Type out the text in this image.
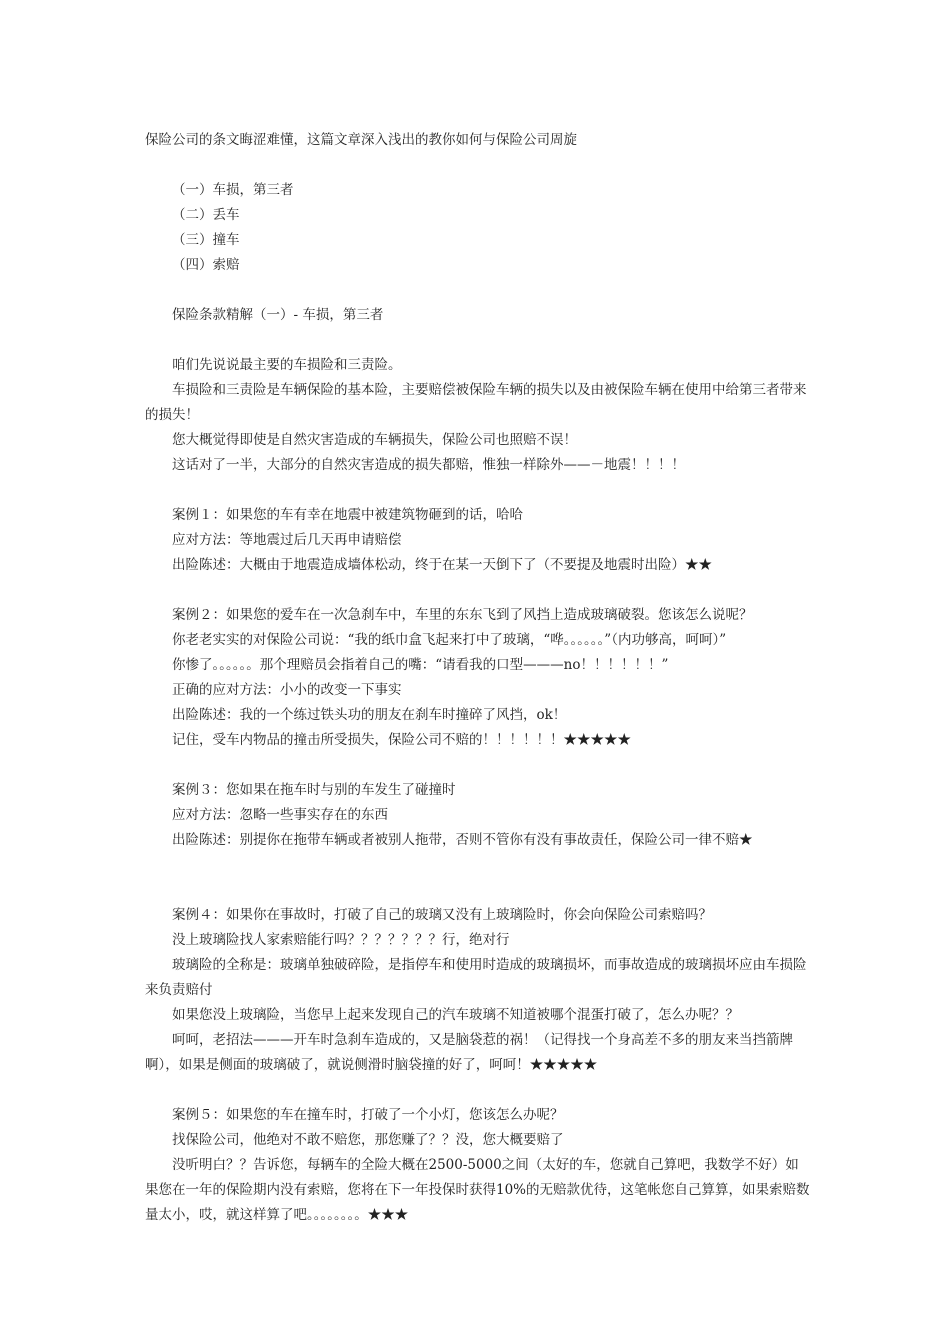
保险公司的条文晦涩难懂，这篇文章深入浅出的教你如何与保险公司周旋

（一）车损，第三者

（二）丢车

（三）撞车

（四）索赔

保险条款精解（一）- 车损，第三者

咱们先说说最主要的车损险和三责险。

车损险和三责险是车辆保险的基本险，主要赔偿被保险车辆的损失以及由被保险车辆在使用中给第三者带来的损失！

您大概觉得即使是自然灾害造成的车辆损失，保险公司也照赔不误！

这话对了一半，大部分的自然灾害造成的损失都赔，惟独一样除外——－地震！！！！

案例１：如果您的车有幸在地震中被建筑物砸到的话，哈哈

应对方法：等地震过后几天再申请赔偿

出险陈述：大概由于地震造成墙体松动，终于在某一天倒下了（不要提及地震时出险）★★

案例２：如果您的爱车在一次急刹车中，车里的东东飞到了风挡上造成玻璃破裂。您该怎么说呢？

你老老实实的对保险公司说：“我的纸巾盒飞起来打中了玻璃，“哗。。。。。。”（内功够高，呵呵）”

你惨了。。。。。。那个理赔员会指着自己的嘴：“请看我的口型———no！！！！！！”

正确的应对方法：小小的改变一下事实

出险陈述：我的一个练过铁头功的朋友在刹车时撞碎了风挡，ok！

记住，受车内物品的撞击所受损失，保险公司不赔的！！！！！！★★★★★

案例３：您如果在拖车时与别的车发生了碰撞时

应对方法：忽略一些事实存在的东西

出险陈述：别提你在拖带车辆或者被别人拖带，否则不管你有没有事故责任，保险公司一律不赔★

案例４：如果你在事故时，打破了自己的玻璃又没有上玻璃险时，你会向保险公司索赔吗？

没上玻璃险找人家索赔能行吗？？？？？？？行，绝对行

玻璃险的全称是：玻璃单独破碎险，是指停车和使用时造成的玻璃损坏，而事故造成的玻璃损坏应由车损险来负责赔付

如果您没上玻璃险，当您早上起来发现自己的汽车玻璃不知道被哪个混蛋打破了，怎么办呢？？

呵呵，老招法———开车时急刹车造成的，又是脑袋惹的祸！（记得找一个身高差不多的朋友来当挡箭牌啊），如果是侧面的玻璃破了，就说侧滑时脑袋撞的好了，呵呵！★★★★★

案例５：如果您的车在撞车时，打破了一个小灯，您该怎么办呢？

找保险公司，他绝对不敢不赔您，那您赚了？？没，您大概要赔了

没听明白？？告诉您，每辆车的全险大概在2500-5000之间（太好的车，您就自己算吧，我数学不好）如果您在一年的保险期内没有索赔，您将在下一年投保时获得10%的无赔款优待，这笔帐您自己算算，如果索赔数量太小，哎，就这样算了吧。。。。。。。。★★★
